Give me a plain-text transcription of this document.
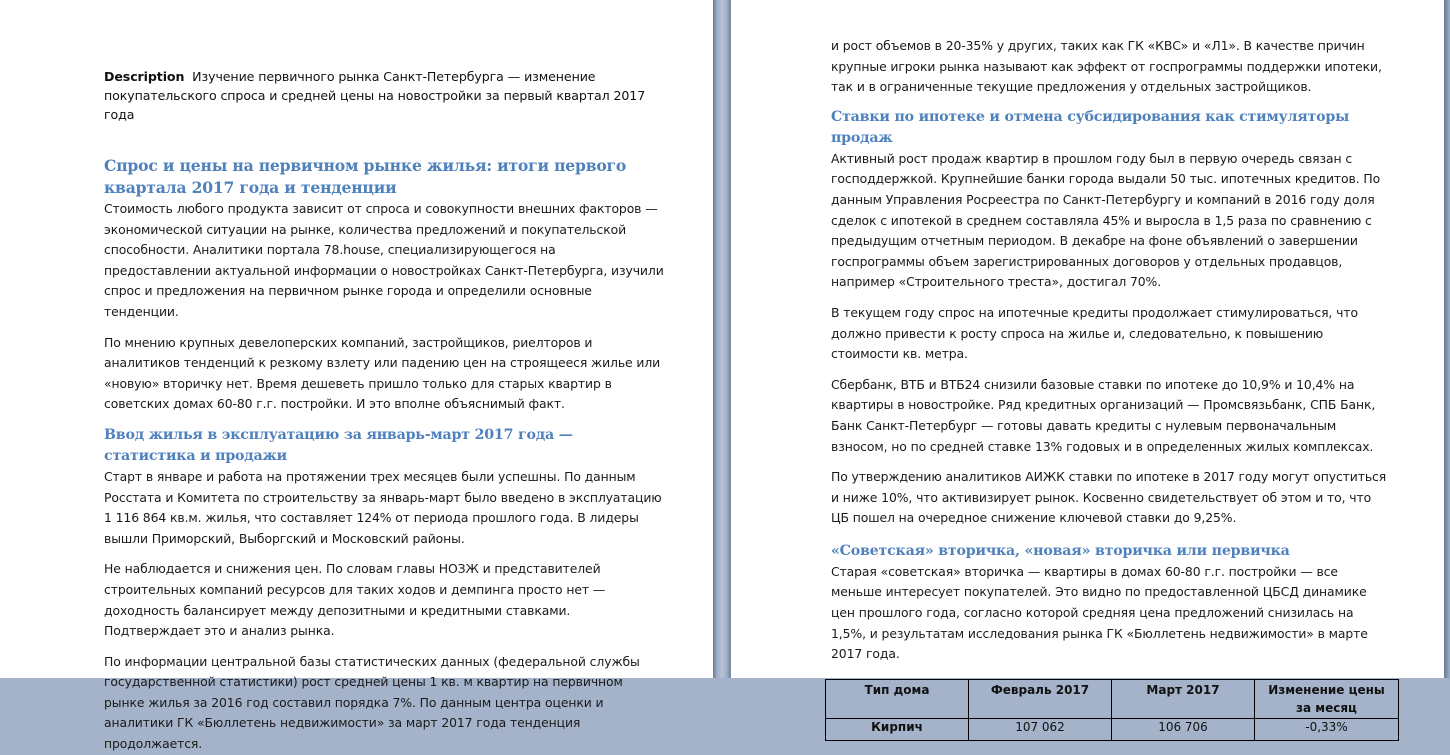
Description Изучение первичного рынка Санкт-Петербурга — изменение покупательского спроса и средней цены на новостройки за первый квартал 2017 года

Спрос и цены на первичном рынке жилья: итоги первого квартала 2017 года и тенденции

Стоимость любого продукта зависит от спроса и совокупности внешних факторов — экономической ситуации на рынке, количества предложений и покупательской способности. Аналитики портала 78.house, специализирующегося на предоставлении актуальной информации о новостройках Санкт-Петербурга, изучили спрос и предложения на первичном рынке города и определили основные тенденции.

По мнению крупных девелоперских компаний, застройщиков, риелторов и аналитиков тенденций к резкому взлету или падению цен на строящееся жилье или «новую» вторичку нет. Время дешеветь пришло только для старых квартир в советских домах 60-80 г.г. постройки. И это вполне объяснимый факт.

Ввод жилья в эксплуатацию за январь-март 2017 года — статистика и продажи

Старт в январе и работа на протяжении трех месяцев были успешны. По данным Росстата и Комитета по строительству за январь-март было введено в эксплуатацию 1 116 864 кв.м. жилья, что составляет 124% от периода прошлого года. В лидеры вышли Приморский, Выборгский и Московский районы.

Не наблюдается и снижения цен. По словам главы НОЗЖ и представителей строительных компаний ресурсов для таких ходов и демпинга просто нет — доходность балансирует между депозитными и кредитными ставками. Подтверждает это и анализ рынка.

По информации центральной базы статистических данных (федеральной службы государственной статистики) рост средней цены 1 кв. м квартир на первичном рынке жилья за 2016 год составил порядка 7%. По данным центра оценки и аналитики ГК «Бюллетень недвижимости» за март 2017 года тенденция продолжается.

и рост объемов в 20-35% у других, таких как ГК «КВС» и «Л1». В качестве причин крупные игроки рынка называют как эффект от госпрограммы поддержки ипотеки, так и в ограниченные текущие предложения у отдельных застройщиков.

Ставки по ипотеке и отмена субсидирования как стимуляторы продаж

Активный рост продаж квартир в прошлом году был в первую очередь связан с господдержкой. Крупнейшие банки города выдали 50 тыс. ипотечных кредитов. По данным Управления Росреестра по Санкт-Петербургу и компаний в 2016 году доля сделок с ипотекой в среднем составляла 45% и выросла в 1,5 раза по сравнению с предыдущим отчетным периодом. В декабре на фоне объявлений о завершении госпрограммы объем зарегистрированных договоров у отдельных продавцов, например «Строительного треста», достигал 70%.

В текущем году спрос на ипотечные кредиты продолжает стимулироваться, что должно привести к росту спроса на жилье и, следовательно, к повышению стоимости кв. метра.

Сбербанк, ВТБ и ВТБ24 снизили базовые ставки по ипотеке до 10,9% и 10,4% на квартиры в новостройке. Ряд кредитных организаций — Промсвязьбанк, СПБ Банк, Банк Санкт-Петербург — готовы давать кредиты с нулевым первоначальным взносом, но по средней ставке 13% годовых и в определенных жилых комплексах.

По утверждению аналитиков АИЖК ставки по ипотеке в 2017 году могут опуститься и ниже 10%, что активизирует рынок. Косвенно свидетельствует об этом и то, что ЦБ пошел на очередное снижение ключевой ставки до 9,25%.

«Советская» вторичка, «новая» вторичка или первичка

Старая «советская» вторичка — квартиры в домах 60-80 г.г. постройки — все меньше интересует покупателей. Это видно по предоставленной ЦБСД динамике цен прошлого года, согласно которой средняя цена предложений снизилась на 1,5%, и результатам исследования рынка ГК «Бюллетень недвижимости» в марте 2017 года.

Тип дома	Февраль 2017	Март 2017	Изменение цены за месяц
Кирпич	107 062	106 706	-0,33%
